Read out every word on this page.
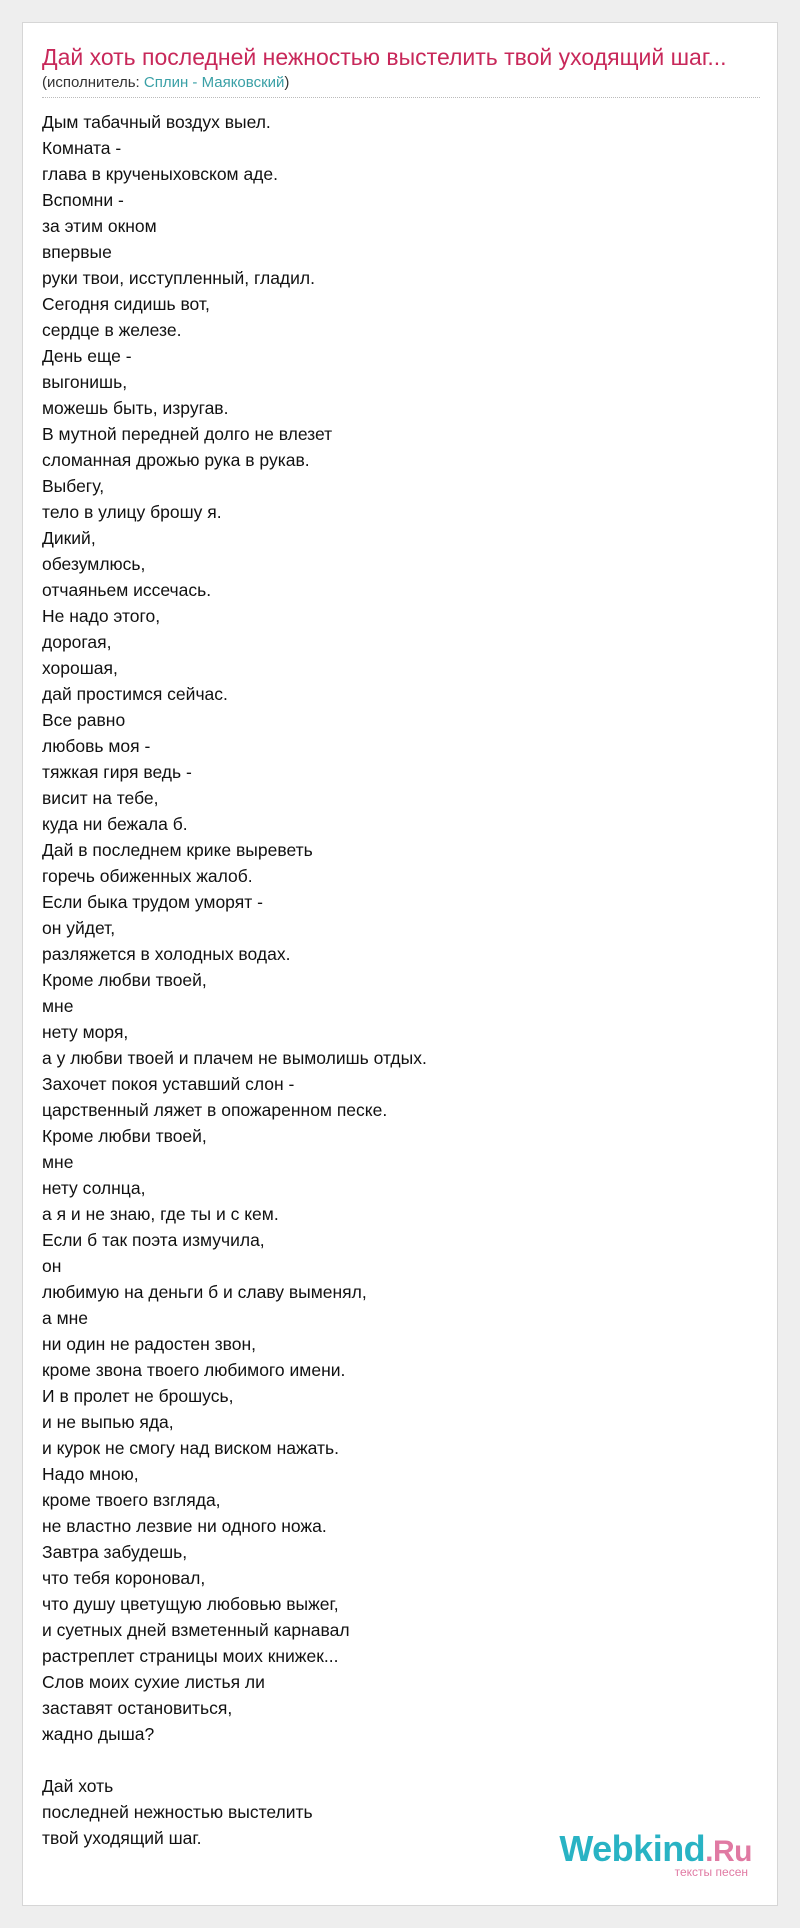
Дай хоть последней нежностью выстелить твой уходящий шаг...
(исполнитель: Сплин - Маяковский)
Дым табачный воздух выел.
Комната -
глава в крученыховском аде.
Вспомни -
за этим окном
впервые
руки твои, исступленный, гладил.
Сегодня сидишь вот,
сердце в железе.
День еще -
выгонишь,
можешь быть, изругав.
В мутной передней долго не влезет
сломанная дрожью рука в рукав.
Выбегу,
тело в улицу брошу я.
Дикий,
обезумлюсь,
отчаяньем иссечась.
Не надо этого,
дорогая,
хорошая,
дай простимся сейчас.
Все равно
любовь моя -
тяжкая гиря ведь -
висит на тебе,
куда ни бежала б.
Дай в последнем крике выреветь
горечь обиженных жалоб.
Если быка трудом уморят -
он уйдет,
разляжется в холодных водах.
Кроме любви твоей,
мне
нету моря,
а у любви твоей и плачем не вымолишь отдых.
Захочет покоя уставший слон -
царственный ляжет в опожаренном песке.
Кроме любви твоей,
мне
нету солнца,
а я и не знаю, где ты и с кем.
Если б так поэта измучила,
он
любимую на деньги б и славу выменял,
а мне
ни один не радостен звон,
кроме звона твоего любимого имени.
И в пролет не брошусь,
и не выпью яда,
и курок не смогу над виском нажать.
Надо мною,
кроме твоего взгляда,
не властно лезвие ни одного ножа.
Завтра забудешь,
что тебя короновал,
что душу цветущую любовью выжег,
и суетных дней взметенный карнавал
растреплет страницы моих книжек...
Слов моих сухие листья ли
заставят остановиться,
жадно дыша?
Дай хоть
последней нежностью выстелить
твой уходящий шаг.	Webkind.Ru
тексты песен
